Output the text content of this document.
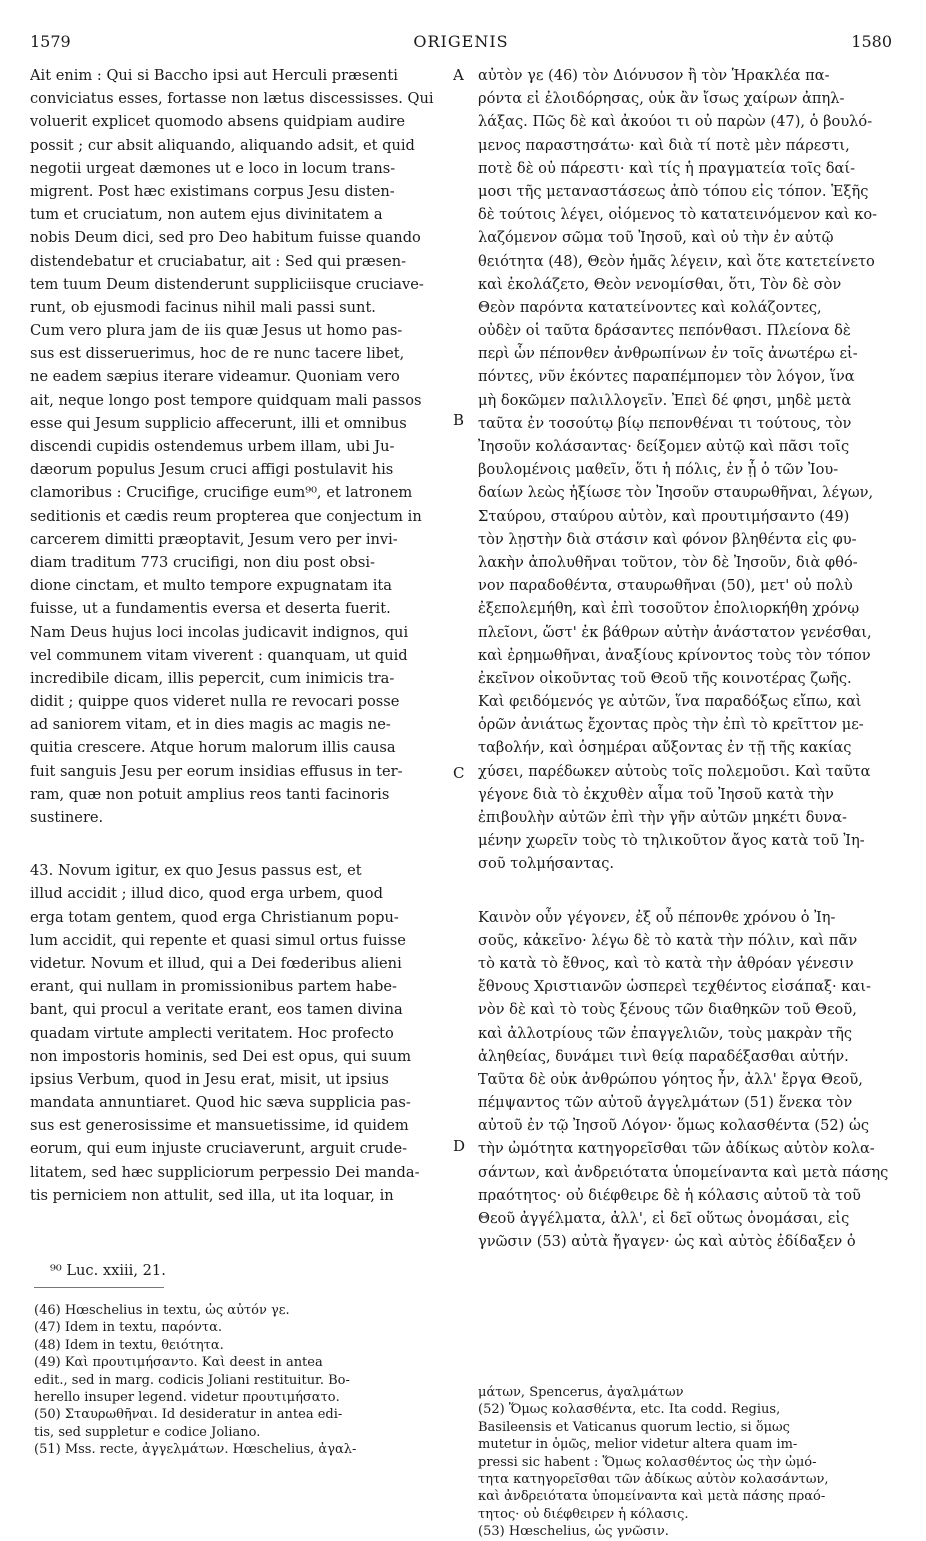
1579	ORIGENIS	1580
Ait enim : Qui si Baccho ipsi aut Herculi præsenti
conviciatus esses, fortasse non lætus discessisses. Qui
voluerit explicet quomodo absens quidpiam audire
possit ; cur absit aliquando, aliquando adsit, et quid
negotii urgeat dæmones ut e loco in locum trans-
migrent. Post hæc existimans corpus Jesu disten-
tum et cruciatum, non autem ejus divinitatem a
nobis Deum dici, sed pro Deo habitum fuisse quando
distendebatur et cruciabatur, ait : Sed qui præsen-
tem tuum Deum distenderunt suppliciisque cruciave-
runt, ob ejusmodi facinus nihil mali passi sunt.
Cum vero plura jam de iis quæ Jesus ut homo pas-
sus est disseruerimus, hoc de re nunc tacere libet,
ne eadem sæpius iterare videamur. Quoniam vero
ait, neque longo post tempore quidquam mali passos
esse qui Jesum supplicio affecerunt, illi et omnibus
discendi cupidis ostendemus urbem illam, ubi Ju-
dæorum populus Jesum cruci affigi postulavit his
clamoribus : Crucifige, crucifige eum⁹⁰, et latronem
seditionis et cædis reum propterea que conjectum in
carcerem dimitti præoptavit, Jesum vero per invi-
diam traditum 773 crucifigi, non diu post obsi-
dione cinctam, et multo tempore expugnatam ita
fuisse, ut a fundamentis eversa et deserta fuerit.
Nam Deus hujus loci incolas judicavit indignos, qui
vel communem vitam viverent : quanquam, ut quid
incredibile dicam, illis pepercit, cum inimicis tra-
didit ; quippe quos videret nulla re revocari posse
ad saniorem vitam, et in dies magis ac magis ne-
quitia crescere. Atque horum malorum illis causa
fuit sanguis Jesu per eorum insidias effusus in ter-
ram, quæ non potuit amplius reos tanti facinoris
sustinere.
43. Novum igitur, ex quo Jesus passus est, et
illud accidit ; illud dico, quod erga urbem, quod
erga totam gentem, quod erga Christianum popu-
lum accidit, qui repente et quasi simul ortus fuisse
videtur. Novum et illud, qui a Dei fœderibus alieni
erant, qui nullam in promissionibus partem habe-
bant, qui procul a veritate erant, eos tamen divina
quadam virtute amplecti veritatem. Hoc profecto
non impostoris hominis, sed Dei est opus, qui suum
ipsius Verbum, quod in Jesu erat, misit, ut ipsius
mandata annuntiaret. Quod hic sæva supplicia pas-
sus est generosissime et mansuetissime, id quidem
eorum, qui eum injuste cruciaverunt, arguit crude-
litatem, sed hæc suppliciorum perpessio Dei manda-
tis perniciem non attulit, sed illa, ut ita loquar, in
αὐτὸν γε (46) τὸν Διόνυσον ἢ τὸν Ἡρακλέα πα-
ρόντα εἰ ἐλοιδόρησας, οὐκ ἂν ἴσως χαίρων ἀπηλ-
λάξας. Πῶς δὲ καὶ ἀκούοι τι οὐ παρὼν (47), ὁ βουλό-
μενος παραστησάτω· καὶ διὰ τί ποτὲ μὲν πάρεστι,
ποτὲ δὲ οὐ πάρεστι· καὶ τίς ἡ πραγματεία τοῖς δαί-
μοσι τῆς μεταναστάσεως ἀπὸ τόπου εἰς τόπον. Ἑξῆς
δὲ τούτοις λέγει, οἰόμενος τὸ κατατεινόμενον καὶ κο-
λαζόμενον σῶμα τοῦ Ἰησοῦ, καὶ οὐ τὴν ἐν αὐτῷ
θειότητα (48), Θεὸν ἡμᾶς λέγειν, καὶ ὅτε κατετείνετο
καὶ ἐκολάζετο, Θεὸν νενομίσθαι, ὅτι, Τὸν δὲ σὸν
Θεὸν παρόντα κατατείνοντες καὶ κολάζοντες,
οὐδὲν οἱ ταῦτα δράσαντες πεπόνθασι. Πλείονα δὲ
περὶ ὧν πέπονθεν ἀνθρωπίνων ἐν τοῖς ἀνωτέρω εἰ-
πόντες, νῦν ἑκόντες παραπέμπομεν τὸν λόγον, ἵνα
μὴ δοκῶμεν παλιλλογεῖν. Ἐπεὶ δέ φησι, μηδὲ μετὰ
ταῦτα ἐν τοσούτῳ βίῳ πεπονθέναι τι τούτους, τὸν
Ἰησοῦν κολάσαντας· δείξομεν αὐτῷ καὶ πᾶσι τοῖς
βουλομένοις μαθεῖν, ὅτι ἡ πόλις, ἐν ᾗ ὁ τῶν Ἰου-
δαίων λεὼς ἠξίωσε τὸν Ἰησοῦν σταυρωθῆναι, λέγων,
Σταύρου, σταύρου αὐτὸν, καὶ προυτιμήσαντο (49)
τὸν λῃστὴν διὰ στάσιν καὶ φόνον βληθέντα εἰς φυ-
λακὴν ἀπολυθῆναι τοῦτον, τὸν δὲ Ἰησοῦν, διὰ φθό-
νον παραδοθέντα, σταυρωθῆναι (50), μετ' οὐ πολὺ
ἐξεπολεμήθη, καὶ ἐπὶ τοσοῦτον ἐπολιορκήθη χρόνῳ
πλεῖονι, ὥστ' ἐκ βάθρων αὐτὴν ἀνάστατον γενέσθαι,
καὶ ἐρημωθῆναι, ἀναξίους κρίνοντος τοὺς τὸν τόπον
ἐκεῖνον οἰκοῦντας τοῦ Θεοῦ τῆς κοινοτέρας ζωῆς.
Καὶ φειδόμενός γε αὐτῶν, ἵνα παραδόξως εἴπω, καὶ
ὁρῶν ἀνιάτως ἔχοντας πρὸς τὴν ἐπὶ τὸ κρεῖττον με-
ταβολήν, καὶ ὁσημέραι αὔξοντας ἐν τῇ τῆς κακίας
χύσει, παρέδωκεν αὐτοὺς τοῖς πολεμοῦσι. Καὶ ταῦτα
γέγονε διὰ τὸ ἐκχυθὲν αἷμα τοῦ Ἰησοῦ κατὰ τὴν
ἐπιβουλὴν αὐτῶν ἐπὶ τὴν γῆν αὐτῶν μηκέτι δυνα-
μένην χωρεῖν τοὺς τὸ τηλικοῦτον ἄγος κατὰ τοῦ Ἰη-
σοῦ τολμήσαντας.
Καινὸν οὖν γέγονεν, ἐξ οὗ πέπονθε χρόνου ὁ Ἰη-
σοῦς, κἀκεῖνο· λέγω δὲ τὸ κατὰ τὴν πόλιν, καὶ πᾶν
τὸ κατὰ τὸ ἔθνος, καὶ τὸ κατὰ τὴν ἀθρόαν γένεσιν
ἔθνους Χριστιανῶν ὡσπερεὶ τεχθέντος εἰσάπαξ· και-
νὸν δὲ καὶ τὸ τοὺς ξένους τῶν διαθηκῶν τοῦ Θεοῦ,
καὶ ἀλλοτρίους τῶν ἐπαγγελιῶν, τοὺς μακρὰν τῆς
ἀληθείας, δυνάμει τινὶ θείᾳ παραδέξασθαι αὐτήν.
Ταῦτα δὲ οὐκ ἀνθρώπου γόητος ἦν, ἀλλ' ἔργα Θεοῦ,
πέμψαντος τῶν αὐτοῦ ἀγγελμάτων (51) ἕνεκα τὸν
αὐτοῦ ἐν τῷ Ἰησοῦ Λόγον· ὅμως κολασθέντα (52) ὡς
τὴν ὠμότητα κατηγορεῖσθαι τῶν ἀδίκως αὐτὸν κολα-
σάντων, καὶ ἀνδρειότατα ὑπομείναντα καὶ μετὰ πάσης
πραότητος· οὐ διέφθειρε δὲ ἡ κόλασις αὐτοῦ τὰ τοῦ
Θεοῦ ἀγγέλματα, ἀλλ', εἰ δεῖ οὕτως ὀνομάσαι, εἰς
γνῶσιν (53) αὐτὰ ἤγαγεν· ὡς καὶ αὐτὸς ἐδίδαξεν ὁ
A
B
C
D
⁹⁰ Luc. xxiii, 21.
(46) Hœschelius in textu, ὡς αὐτόν γε.
(47) Idem in textu, παρόντα.
(48) Idem in textu, θειότητα.
(49) Καὶ προυτιμήσαντο. Καὶ deest in antea
edit., sed in marg. codicis Joliani restituitur. Bo-
herello insuper legend. videtur προυτιμήσατο.
(50) Σταυρωθῆναι. Id desideratur in antea edi-
tis, sed suppletur e codice Joliano.
(51) Mss. recte, ἀγγελμάτων. Hœschelius, ἀγαλ-
μάτων, Spencerus, ἀγαλμάτων
(52) Ὅμως κολασθέντα, etc. Ita codd. Regius,
Basileensis et Vaticanus quorum lectio, si ὅμως
mutetur in ὁμῶς, melior videtur altera quam im-
pressi sic habent : Ὅμως κολασθέντος ὡς τὴν ὠμό-
τητα κατηγορεῖσθαι τῶν ἀδίκως αὐτὸν κολασάντων,
καὶ ἀνδρειότατα ὑπομείναντα καὶ μετὰ πάσης πραό-
τητος· οὐ διέφθειρεν ἡ κόλασις.
(53) Hœschelius, ὡς γνῶσιν.
